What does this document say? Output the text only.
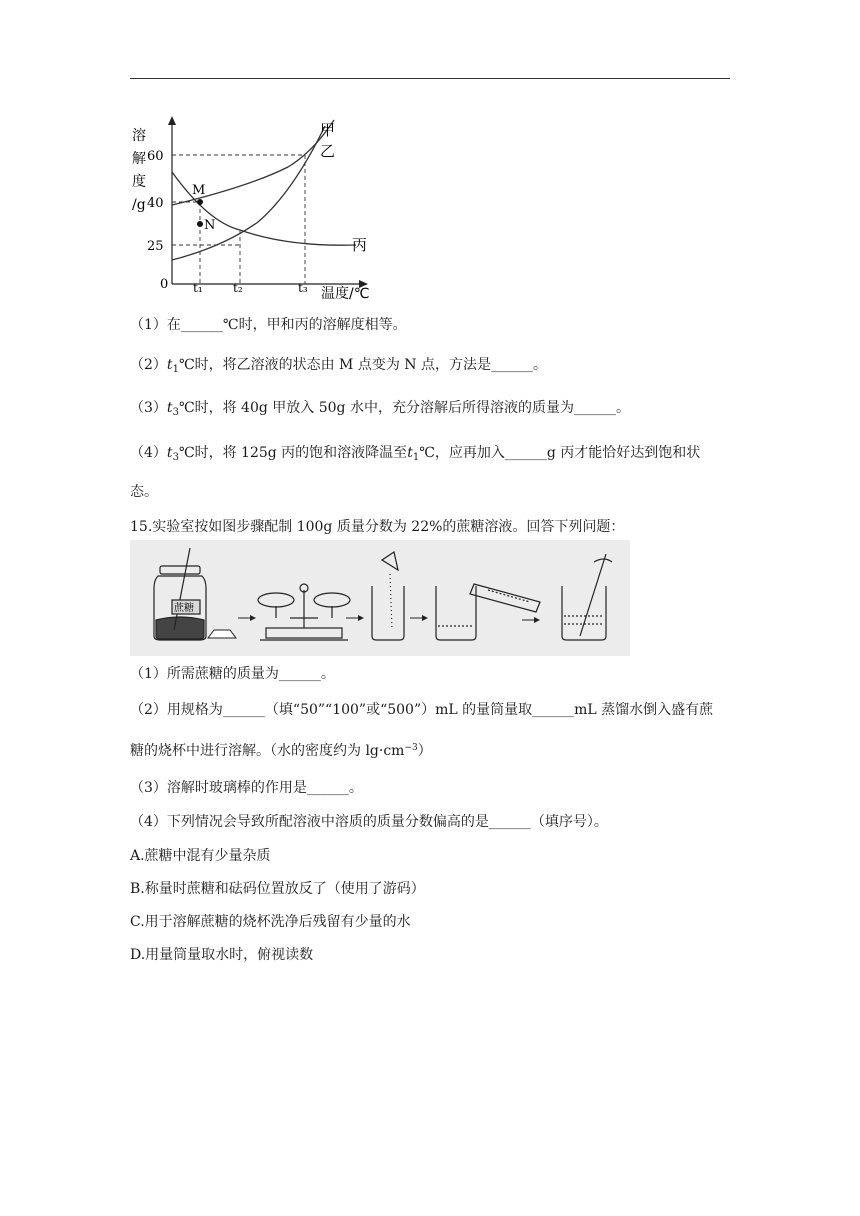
溶
解
度
/g
60
40
25
0 t₁	t₂	t₃ 温度/℃
M
N
甲
乙
丙
（1）在______℃时，甲和丙的溶解度相等。
$(2)t_1℃$时，将乙溶液的状态由 M 点变为 N 点，方法是______。
$(3)t_3℃$时，将 40g 甲放入 50g 水中，充分溶解后所得溶液的质量为______。
$(4)t_3℃$时，将 125g 丙的饱和溶液降温至$t_1℃$，应再加入______g 丙才能恰好达到饱和状
态。
15.实验室按如图步骤配制 100g 质量分数为 22%的蔗糖溶液。回答下列问题：
蔗糖
（1）所需蔗糖的质量为______。
（2）用规格为______（填“50”“100”或“500”）mL 的量筒量取______mL 蒸馏水倒入盛有蔗
糖的烧杯中进行溶解。（水的密度约为 $\lg\cdot cm^{-3}$）
（3）溶解时玻璃棒的作用是______。
（4）下列情况会导致所配溶液中溶质的质量分数偏高的是______（填序号）。
A.蔗糖中混有少量杂质
B.称量时蔗糖和砝码位置放反了（使用了游码）
C.用于溶解蔗糖的烧杯洗净后残留有少量的水
D.用量筒量取水时，俯视读数
